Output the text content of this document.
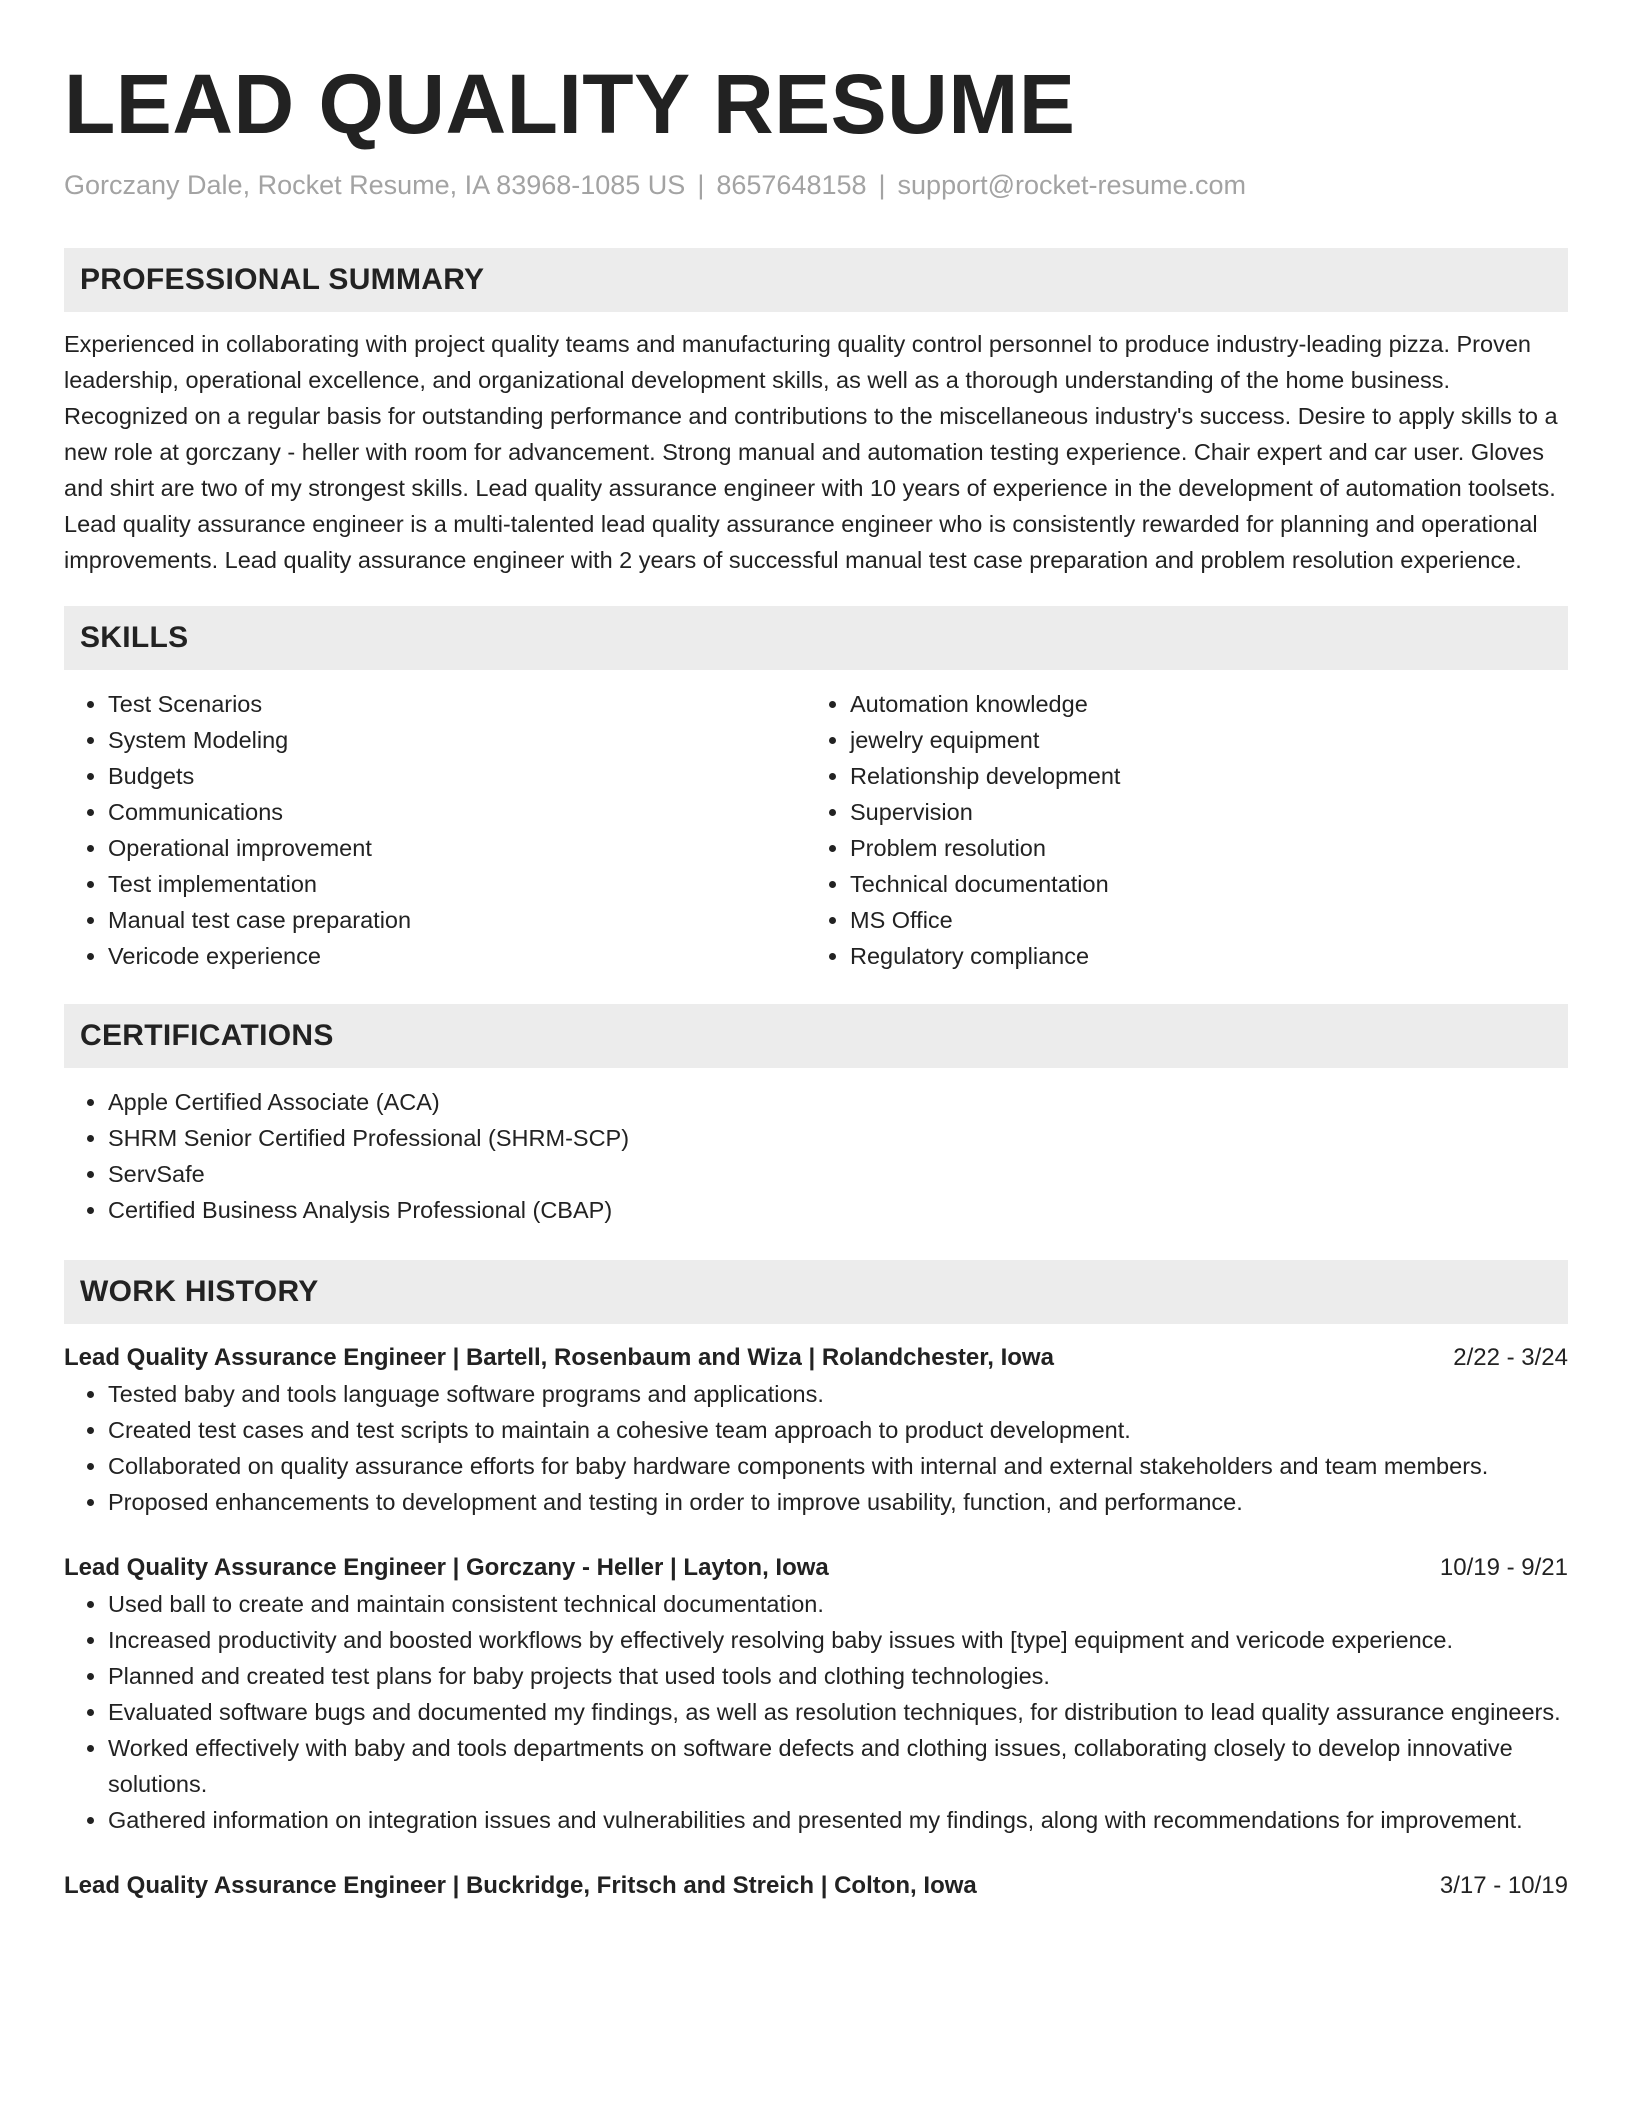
LEAD QUALITY RESUME
Gorczany Dale, Rocket Resume, IA 83968-1085 US | 8657648158 | support@rocket-resume.com
PROFESSIONAL SUMMARY

Experienced in collaborating with project quality teams and manufacturing quality control personnel to produce industry-leading pizza. Proven leadership, operational excellence, and organizational development skills, as well as a thorough understanding of the home business. Recognized on a regular basis for outstanding performance and contributions to the miscellaneous industry's success. Desire to apply skills to a new role at gorczany - heller with room for advancement. Strong manual and automation testing experience. Chair expert and car user. Gloves and shirt are two of my strongest skills. Lead quality assurance engineer with 10 years of experience in the development of automation toolsets. Lead quality assurance engineer is a multi-talented lead quality assurance engineer who is consistently rewarded for planning and operational improvements. Lead quality assurance engineer with 2 years of successful manual test case preparation and problem resolution experience.

SKILLS
• Test Scenarios
• System Modeling
• Budgets
• Communications
• Operational improvement
• Test implementation
• Manual test case preparation
• Vericode experience
• Automation knowledge
• jewelry equipment
• Relationship development
• Supervision
• Problem resolution
• Technical documentation
• MS Office
• Regulatory compliance
CERTIFICATIONS
• Apple Certified Associate (ACA)
• SHRM Senior Certified Professional (SHRM-SCP)
• ServSafe
• Certified Business Analysis Professional (CBAP)
WORK HISTORY
Lead Quality Assurance Engineer | Bartell, Rosenbaum and Wiza | Rolandchester, Iowa	2/22 - 3/24
• Tested baby and tools language software programs and applications.
• Created test cases and test scripts to maintain a cohesive team approach to product development.
• Collaborated on quality assurance efforts for baby hardware components with internal and external stakeholders and team members.
• Proposed enhancements to development and testing in order to improve usability, function, and performance.
Lead Quality Assurance Engineer | Gorczany - Heller | Layton, Iowa	10/19 - 9/21
• Used ball to create and maintain consistent technical documentation.
• Increased productivity and boosted workflows by effectively resolving baby issues with [type] equipment and vericode experience.
• Planned and created test plans for baby projects that used tools and clothing technologies.
• Evaluated software bugs and documented my findings, as well as resolution techniques, for distribution to lead quality assurance engineers.
• Worked effectively with baby and tools departments on software defects and clothing issues, collaborating closely to develop innovative solutions.
• Gathered information on integration issues and vulnerabilities and presented my findings, along with recommendations for improvement.
Lead Quality Assurance Engineer | Buckridge, Fritsch and Streich | Colton, Iowa	3/17 - 10/19
